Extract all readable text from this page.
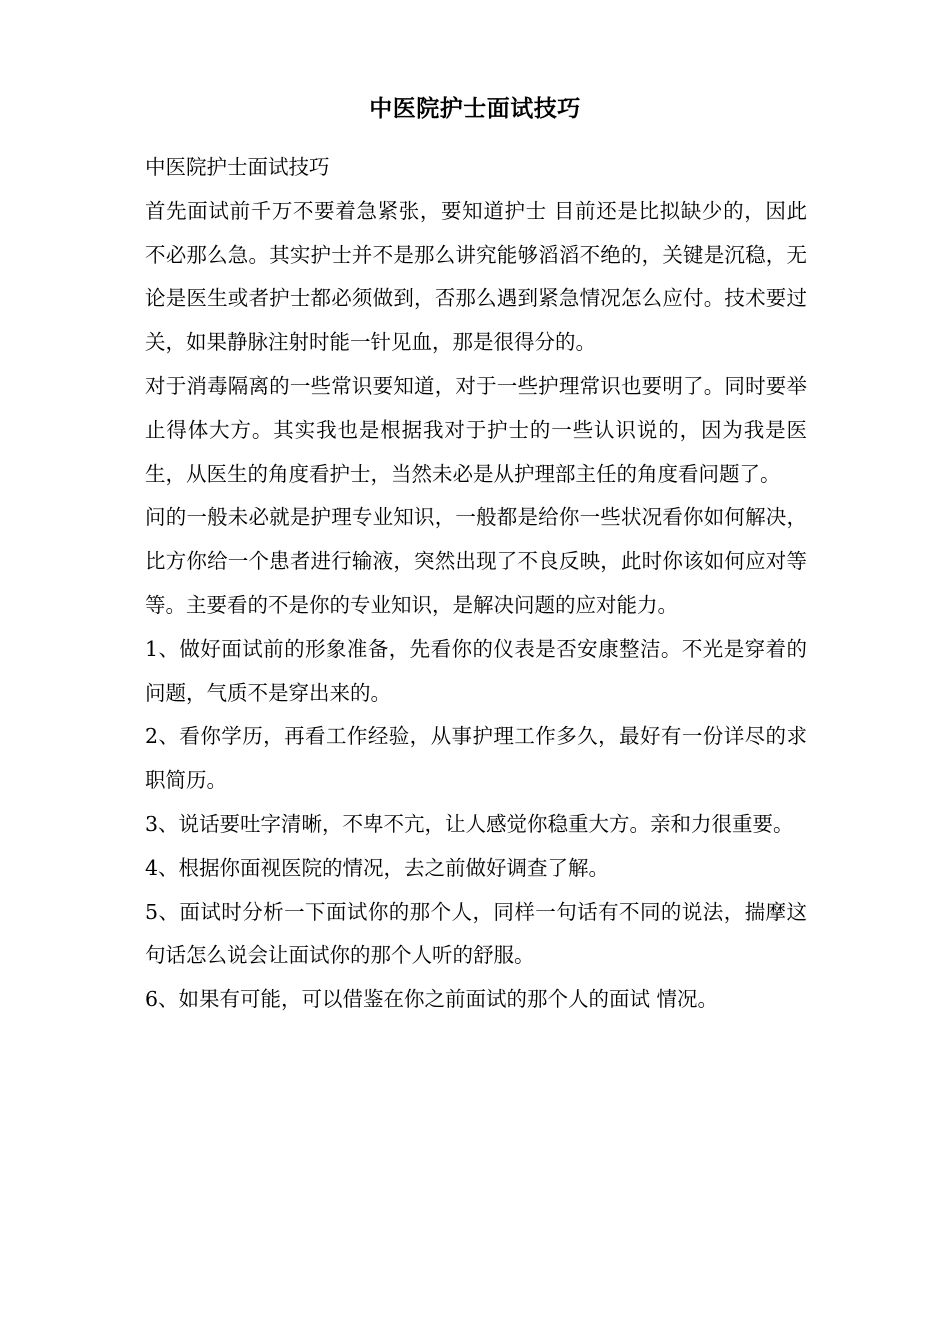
中医院护士面试技巧

中医院护士面试技巧

首先面试前千万不要着急紧张，要知道护士 目前还是比拟缺少的，因此不必那么急。其实护士并不是那么讲究能够滔滔不绝的，关键是沉稳，无论是医生或者护士都必须做到，否那么遇到紧急情况怎么应付。技术要过关，如果静脉注射时能一针见血，那是很得分的。

对于消毒隔离的一些常识要知道，对于一些护理常识也要明了。同时要举止得体大方。其实我也是根据我对于护士的一些认识说的，因为我是医生，从医生的角度看护士，当然未必是从护理部主任的角度看问题了。

问的一般未必就是护理专业知识，一般都是给你一些状况看你如何解决，比方你给一个患者进行输液，突然出现了不良反映，此时你该如何应对等等。主要看的不是你的专业知识，是解决问题的应对能力。

1、做好面试前的形象准备，先看你的仪表是否安康整洁。不光是穿着的问题，气质不是穿出来的。

2、看你学历，再看工作经验，从事护理工作多久，最好有一份详尽的求职简历。

3、说话要吐字清晰，不卑不亢，让人感觉你稳重大方。亲和力很重要。

4、根据你面视医院的情况，去之前做好调查了解。

5、面试时分析一下面试你的那个人，同样一句话有不同的说法，揣摩这句话怎么说会让面试你的那个人听的舒服。

6、如果有可能，可以借鉴在你之前面试的那个人的面试 情况。
